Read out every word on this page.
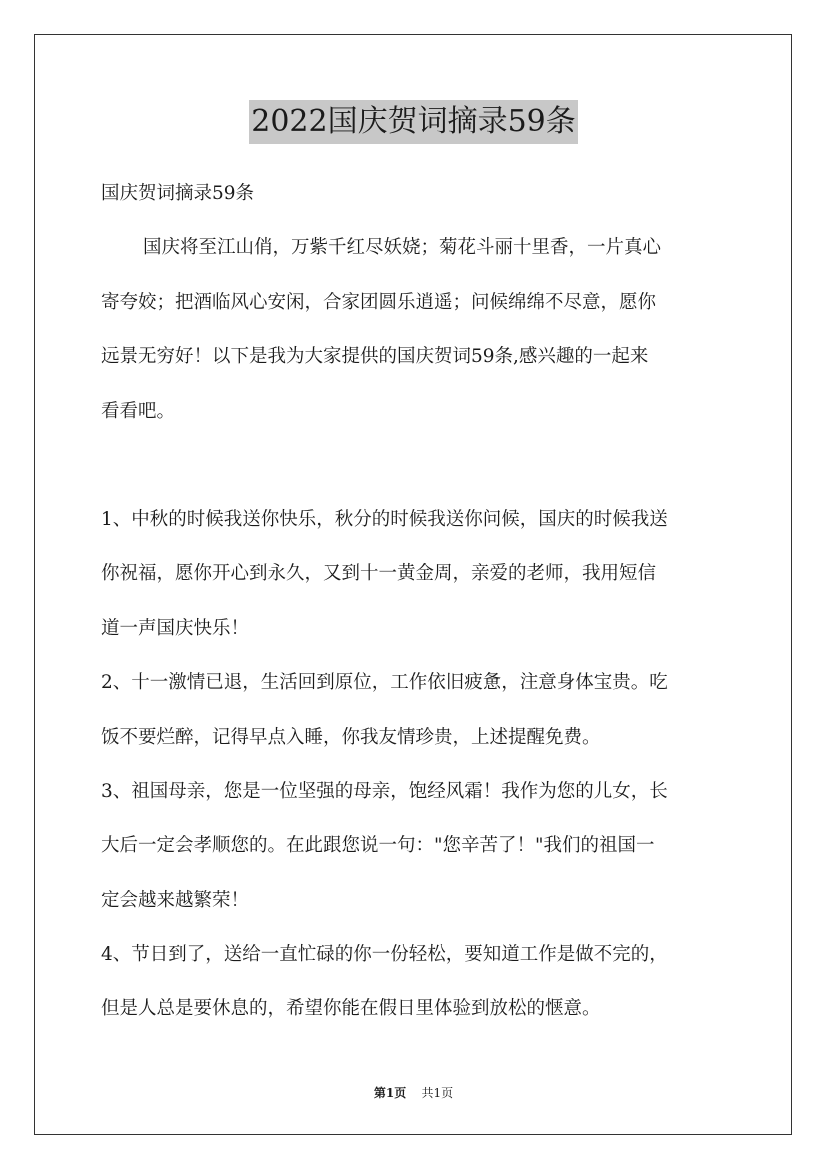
2022国庆贺词摘录59条
国庆贺词摘录59条
国庆将至江山俏，万紫千红尽妖娆；菊花斗丽十里香，一片真心
寄夸姣；把酒临风心安闲，合家团圆乐逍遥；问候绵绵不尽意，愿你
远景无穷好！以下是我为大家提供的国庆贺词59条,感兴趣的一起来
看看吧。
1、中秋的时候我送你快乐，秋分的时候我送你问候，国庆的时候我送
你祝福，愿你开心到永久，又到十一黄金周，亲爱的老师，我用短信
道一声国庆快乐！
2、十一激情已退，生活回到原位，工作依旧疲惫，注意身体宝贵。吃
饭不要烂醉，记得早点入睡，你我友情珍贵，上述提醒免费。
3、祖国母亲，您是一位坚强的母亲，饱经风霜！我作为您的儿女，长
大后一定会孝顺您的。在此跟您说一句："您辛苦了！"我们的祖国一
定会越来越繁荣！
4、节日到了，送给一直忙碌的你一份轻松，要知道工作是做不完的，
但是人总是要休息的，希望你能在假日里体验到放松的惬意。
第1页 共1页
